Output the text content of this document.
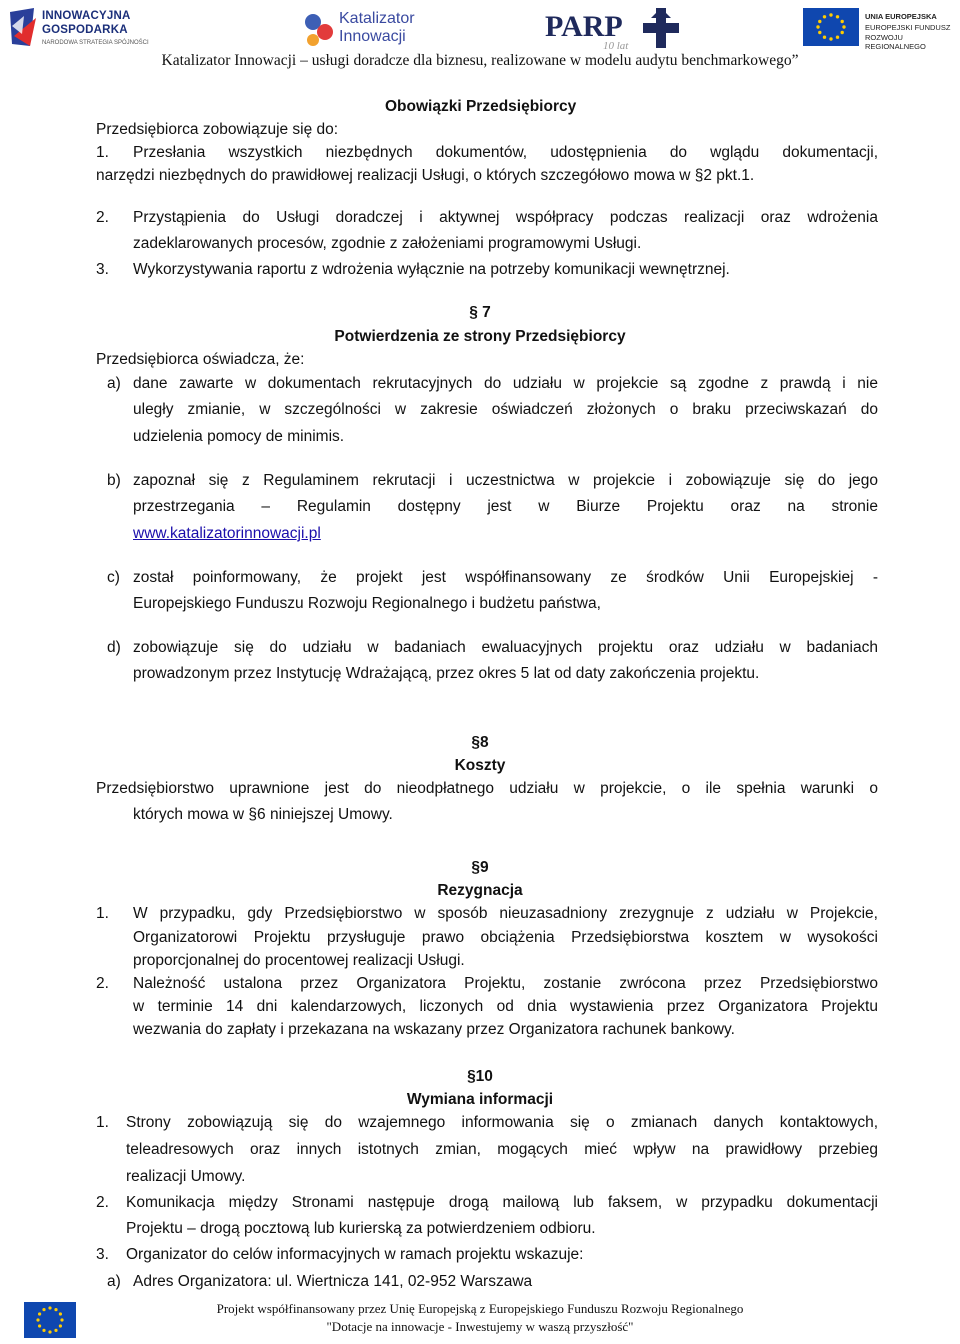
INNOWACYJNA
GOSPODARKA
NARODOWA STRATEGIA SPÓJNOŚCI
Katalizator
Innowacji	PARP
10 lat
UNIA EUROPEJSKA
EUROPEJSKI FUNDUSZ
ROZWOJU REGIONALNEGO
Katalizator Innowacji – usługi doradcze dla biznesu, realizowane w modelu audytu benchmarkowego”
Obowiązki Przedsiębiorcy
Przedsiębiorca zobowiązuje się do:
1. Przesłania wszystkich niezbędnych dokumentów, udostępnienia do wglądu dokumentacji,
narzędzi niezbędnych do prawidłowej realizacji Usługi, o których szczegółowo mowa w §2 pkt.1.
2. Przystąpienia do Usługi doradczej i aktywnej współpracy podczas realizacji oraz wdrożenia
zadeklarowanych procesów, zgodnie z założeniami programowymi Usługi.
3. Wykorzystywania raportu z wdrożenia wyłącznie na potrzeby komunikacji wewnętrznej.
§ 7
Potwierdzenia ze strony Przedsiębiorcy
Przedsiębiorca oświadcza, że:
a) dane zawarte w dokumentach rekrutacyjnych do udziału w projekcie są zgodne z prawdą i nie
uległy zmianie, w szczególności w zakresie oświadczeń złożonych o braku przeciwskazań do
udzielenia pomocy de minimis.
b) zapoznał się z Regulaminem rekrutacji i uczestnictwa w projekcie i zobowiązuje się do jego
przestrzegania – Regulamin dostępny jest w Biurze Projektu oraz na stronie
www.katalizatorinnowacji.pl
c) został poinformowany, że projekt jest współfinansowany ze środków Unii Europejskiej -
Europejskiego Funduszu Rozwoju Regionalnego i budżetu państwa,
d) zobowiązuje się do udziału w badaniach ewaluacyjnych projektu oraz udziału w badaniach
prowadzonym przez Instytucję Wdrażającą, przez okres 5 lat od daty zakończenia projektu.
§8
Koszty
Przedsiębiorstwo uprawnione jest do nieodpłatnego udziału w projekcie, o ile spełnia warunki o
których mowa w §6 niniejszej Umowy.
§9
Rezygnacja
1. W przypadku, gdy Przedsiębiorstwo w sposób nieuzasadniony zrezygnuje z udziału w Projekcie,
Organizatorowi Projektu przysługuje prawo obciążenia Przedsiębiorstwa kosztem w wysokości
proporcjonalnej do procentowej realizacji Usługi.
2. Należność ustalona przez Organizatora Projektu, zostanie zwrócona przez Przedsiębiorstwo
w terminie 14 dni kalendarzowych, liczonych od dnia wystawienia przez Organizatora Projektu
wezwania do zapłaty i przekazana na wskazany przez Organizatora rachunek bankowy.
§10
Wymiana informacji
1. Strony zobowiązują się do wzajemnego informowania się o zmianach danych kontaktowych,
teleadresowych oraz innych istotnych zmian, mogących mieć wpływ na prawidłowy przebieg
realizacji Umowy.
2. Komunikacja między Stronami następuje drogą mailową lub faksem, w przypadku dokumentacji
Projektu – drogą pocztową lub kurierską za potwierdzeniem odbioru.
3. Organizator do celów informacyjnych w ramach projektu wskazuje:
a) Adres Organizatora: ul. Wiertnicza 141, 02-952 Warszawa
Projekt współfinansowany przez Unię Europejską z Europejskiego Funduszu Rozwoju Regionalnego
"Dotacje na innowacje - Inwestujemy w waszą przyszłość"
